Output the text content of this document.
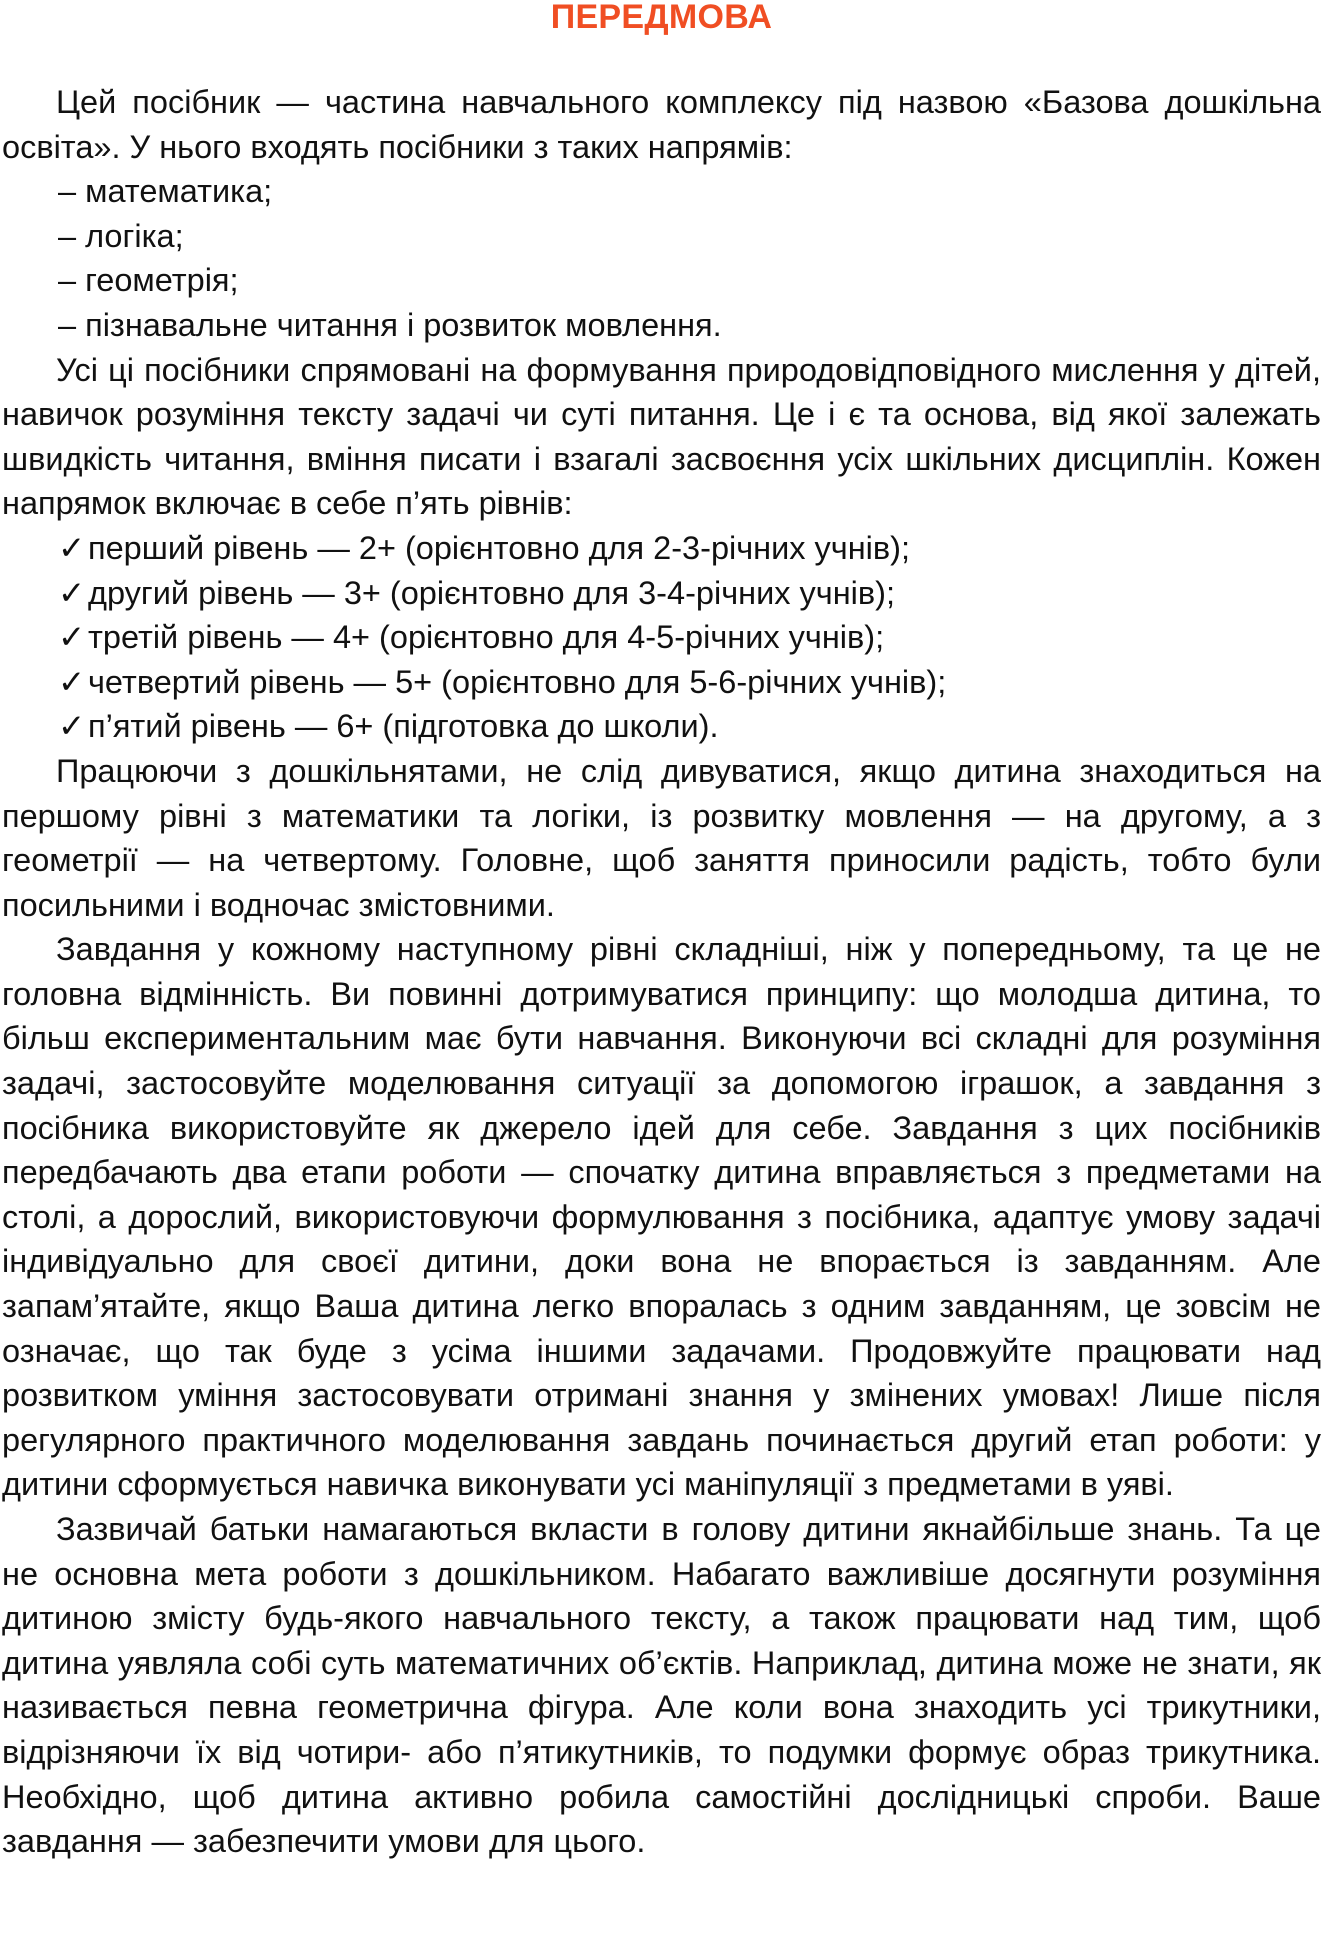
ПЕРЕДМОВА

Цей посібник — частина навчального комплексу під назвою «Базова дошкільна освіта». У нього входять посібники з таких напрямів:

– математика;

– логіка;

– геометрія;

– пізнавальне читання і розвиток мовлення.

Усі ці посібники спрямовані на формування природовідповідного мислення у дітей, навичок розуміння тексту задачі чи суті питання. Це і є та основа, від якої залежать швидкість читання, вміння писати і взагалі засвоєння усіх шкільних дисциплін. Кожен напрямок включає в себе п’ять рівнів:

✓перший рівень — 2+ (орієнтовно для 2-3-річних учнів);

✓другий рівень — 3+ (орієнтовно для 3-4-річних учнів);

✓третій рівень — 4+ (орієнтовно для 4-5-річних учнів);

✓четвертий рівень — 5+ (орієнтовно для 5-6-річних учнів);

✓п’ятий рівень — 6+ (підготовка до школи).

Працюючи з дошкільнятами, не слід дивуватися, якщо дитина знаходиться на першому рівні з математики та логіки, із розвитку мовлення — на другому, а з геометрії — на четвертому. Головне, щоб заняття приносили радість, тобто були посильними і водночас змістовними.

Завдання у кожному наступному рівні складніші, ніж у попередньому, та це не головна відмінність. Ви повинні дотримуватися принципу: що молодша дитина, то більш експериментальним має бути навчання. Виконуючи всі складні для розуміння задачі, застосовуйте моделювання ситуації за допомогою іграшок, а завдання з посібника використовуйте як джерело ідей для себе. Завдання з цих посібників передбачають два етапи роботи — спочатку дитина вправляється з предметами на столі, а дорослий, використовуючи формулювання з посібника, адаптує умову задачі індивідуально для своєї дитини, доки вона не впорається із завданням. Але запам’ятайте, якщо Ваша дитина легко впоралась з одним завданням, це зовсім не означає, що так буде з усіма іншими задачами. Продовжуйте працювати над розвитком уміння застосовувати отримані знання у змінених умовах! Лише після регулярного практичного моделювання завдань починається другий етап роботи: у дитини сформується навичка виконувати усі маніпуляції з предметами в уяві.

Зазвичай батьки намагаються вкласти в голову дитини якнайбільше знань. Та це не основна мета роботи з дошкільником. Набагато важливіше досягнути розуміння дитиною змісту будь-якого навчального тексту, а також працювати над тим, щоб дитина уявляла собі суть математичних об’єктів. Наприклад, дитина може не знати, як називається певна геометрична фігура. Але коли вона знаходить усі трикутники, відрізняючи їх від чотири- або п’ятикутників, то подумки формує образ трикутника. Необхідно, щоб дитина активно робила самостійні дослідницькі спроби. Ваше завдання — забезпечити умови для цього.
